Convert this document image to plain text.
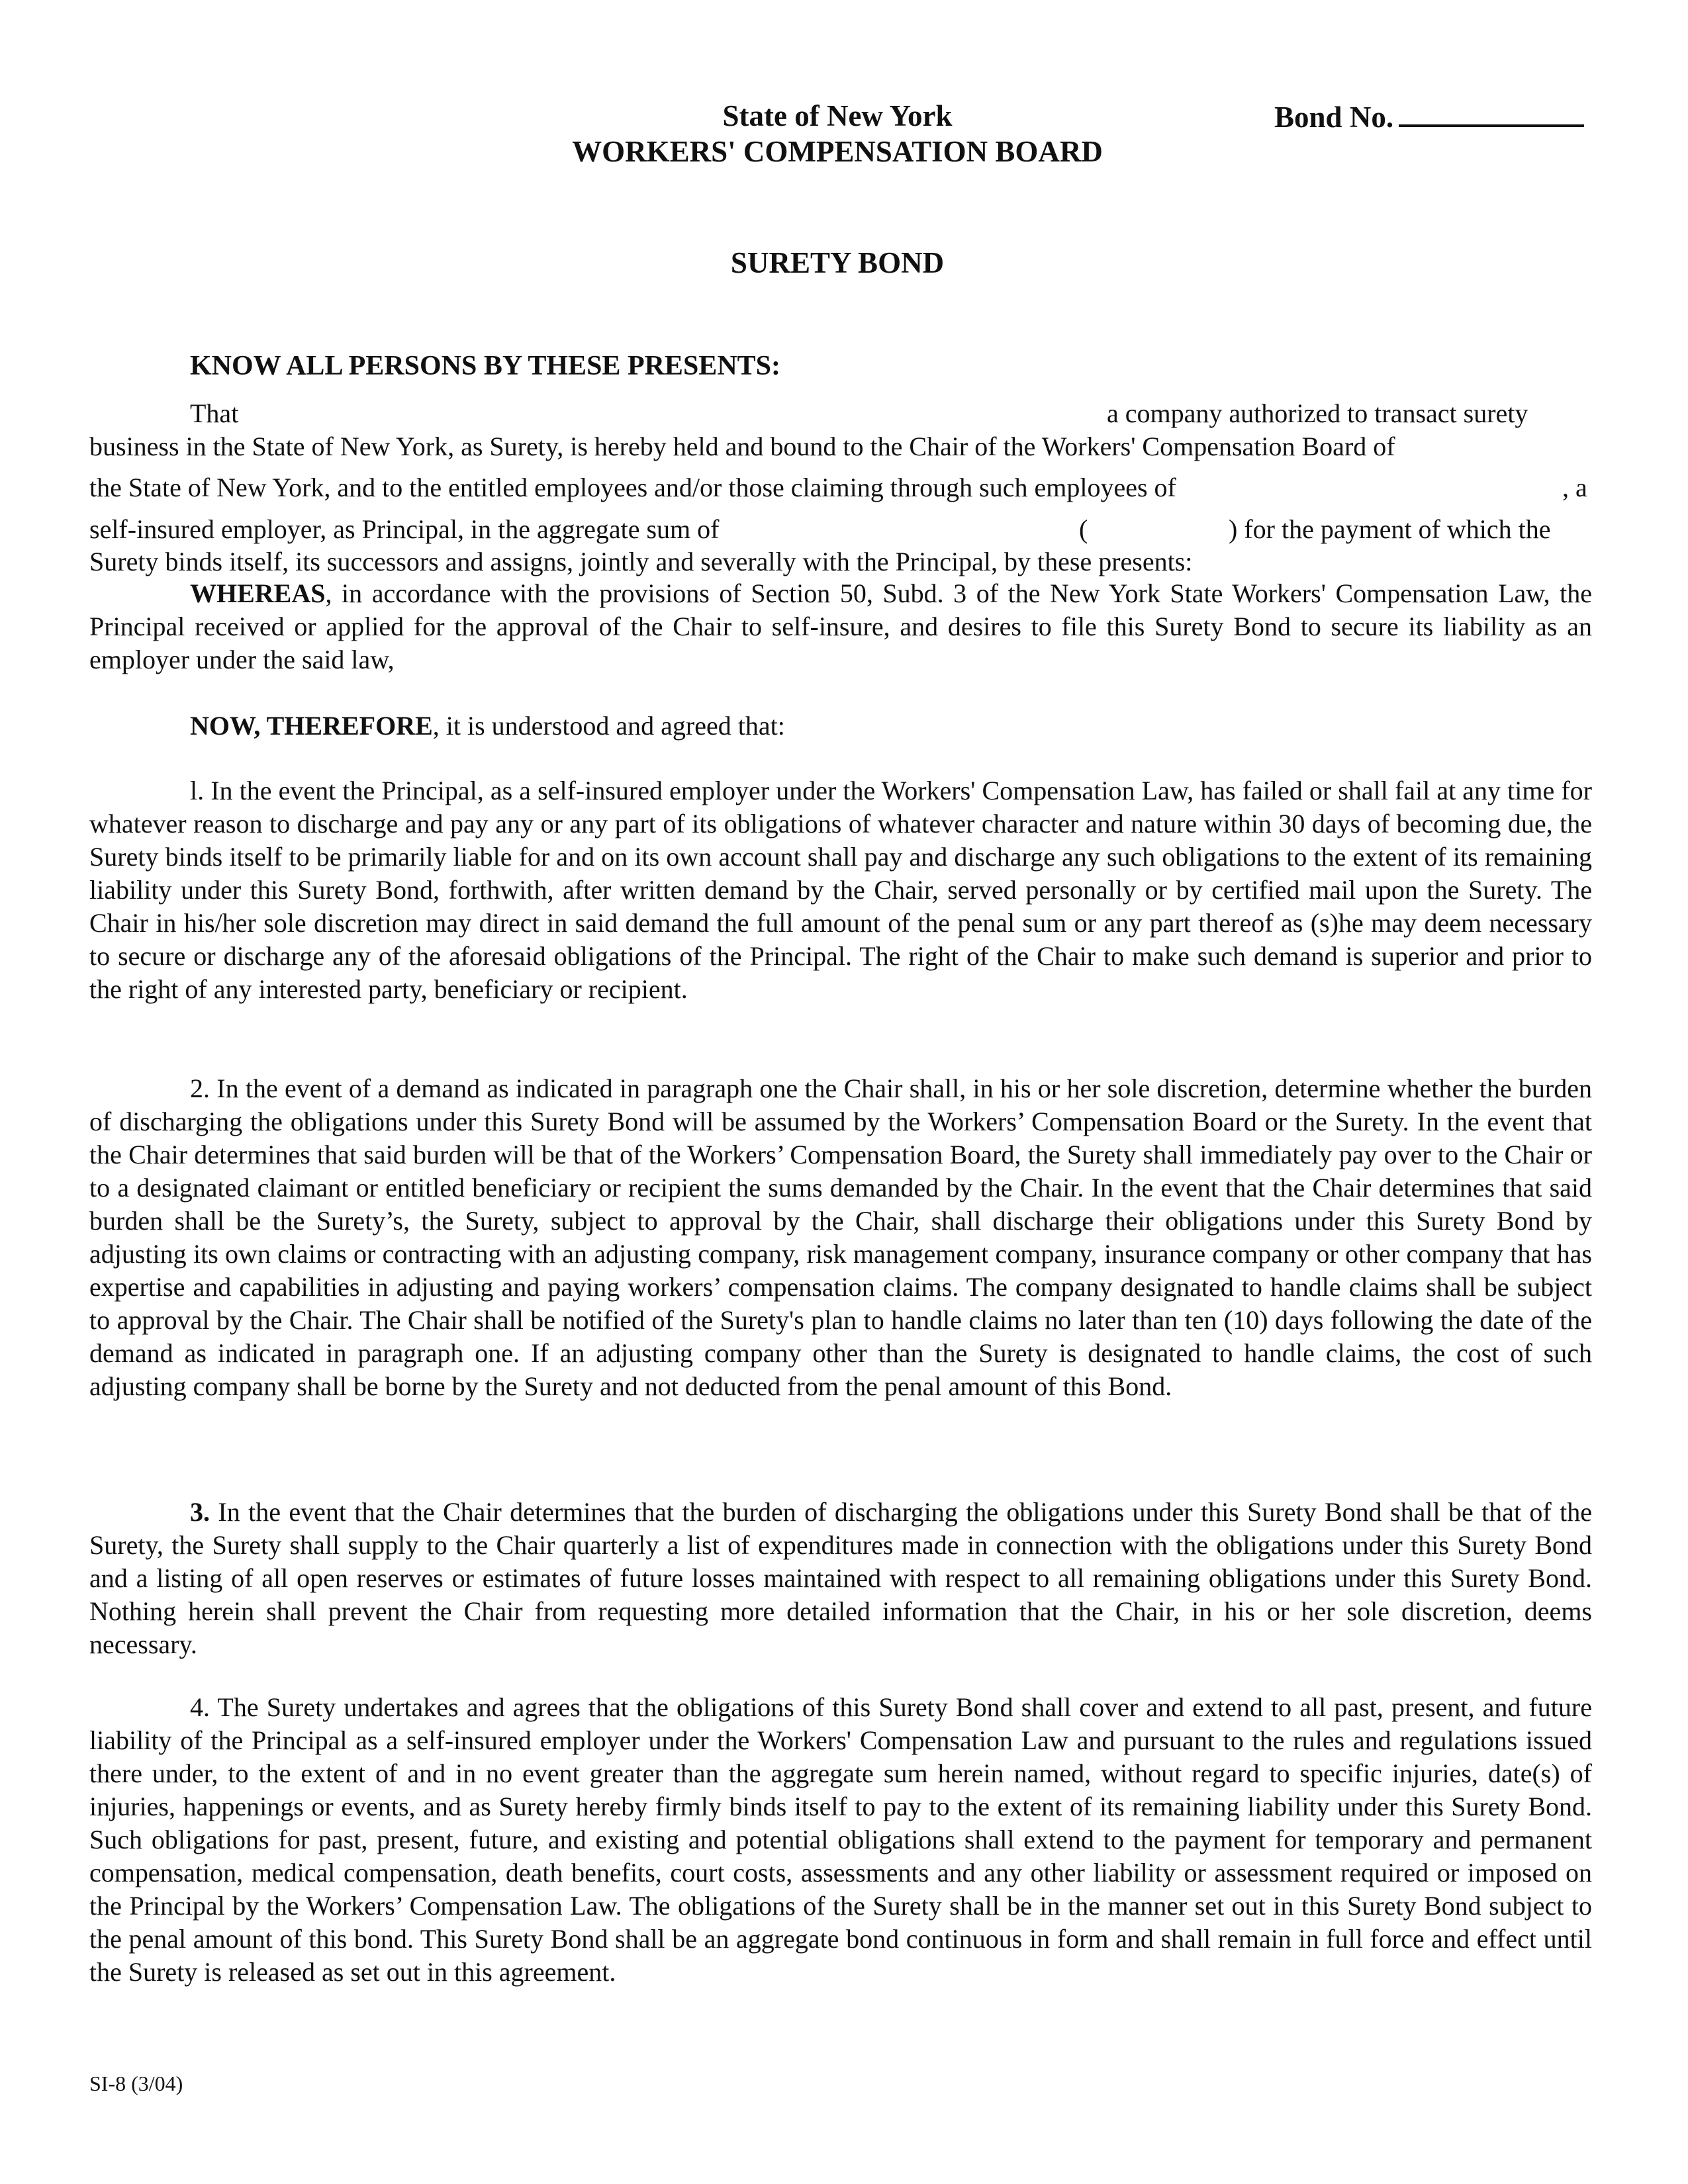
State of New York
WORKERS' COMPENSATION BOARD
Bond No.
SURETY BOND
KNOW ALL PERSONS BY THESE PRESENTS:
That	a company authorized to transact surety
business in the State of New York, as Surety, is hereby held and bound to the Chair of the Workers' Compensation Board of
the State of New York, and to the entitled employees and/or those claiming through such employees of	, a
self-insured employer, as Principal, in the aggregate sum of	(	) for the payment of which the
Surety binds itself, its successors and assigns, jointly and severally with the Principal, by these presents:
WHEREAS, in accordance with the provisions of Section 50, Subd. 3 of the New York State Workers' Compensation Law, the Principal received or applied for the approval of the Chair to self-insure, and desires to file this Surety Bond to secure its liability as an employer under the said law,
NOW, THEREFORE, it is understood and agreed that:
l. In the event the Principal, as a self-insured employer under the Workers' Compensation Law, has failed or shall fail at any time for whatever reason to discharge and pay any or any part of its obligations of whatever character and nature within 30 days of becoming due, the Surety binds itself to be primarily liable for and on its own account shall pay and discharge any such obligations to the extent of its remaining liability under this Surety Bond, forthwith, after written demand by the Chair, served personally or by certified mail upon the Surety. The Chair in his/her sole discretion may direct in said demand the full amount of the penal sum or any part thereof as (s)he may deem necessary to secure or discharge any of the aforesaid obligations of the Principal. The right of the Chair to make such demand is superior and prior to the right of any interested party, beneficiary or recipient.
2. In the event of a demand as indicated in paragraph one the Chair shall, in his or her sole discretion, determine whether the burden of discharging the obligations under this Surety Bond will be assumed by the Workers’ Compensation Board or the Surety. In the event that the Chair determines that said burden will be that of the Workers’ Compensation Board, the Surety shall immediately pay over to the Chair or to a designated claimant or entitled beneficiary or recipient the sums demanded by the Chair. In the event that the Chair determines that said burden shall be the Surety’s, the Surety, subject to approval by the Chair, shall discharge their obligations under this Surety Bond by adjusting its own claims or contracting with an adjusting company, risk management company, insurance company or other company that has expertise and capabilities in adjusting and paying workers’ compensation claims. The company designated to handle claims shall be subject to approval by the Chair. The Chair shall be notified of the Surety's plan to handle claims no later than ten (10) days following the date of the demand as indicated in paragraph one. If an adjusting company other than the Surety is designated to handle claims, the cost of such adjusting company shall be borne by the Surety and not deducted from the penal amount of this Bond.
3. In the event that the Chair determines that the burden of discharging the obligations under this Surety Bond shall be that of the Surety, the Surety shall supply to the Chair quarterly a list of expenditures made in connection with the obligations under this Surety Bond and a listing of all open reserves or estimates of future losses maintained with respect to all remaining obligations under this Surety Bond. Nothing herein shall prevent the Chair from requesting more detailed information that the Chair, in his or her sole discretion, deems necessary.
4. The Surety undertakes and agrees that the obligations of this Surety Bond shall cover and extend to all past, present, and future liability of the Principal as a self-insured employer under the Workers' Compensation Law and pursuant to the rules and regulations issued there under, to the extent of and in no event greater than the aggregate sum herein named, without regard to specific injuries, date(s) of injuries, happenings or events, and as Surety hereby firmly binds itself to pay to the extent of its remaining liability under this Surety Bond. Such obligations for past, present, future, and existing and potential obligations shall extend to the payment for temporary and permanent compensation, medical compensation, death benefits, court costs, assessments and any other liability or assessment required or imposed on the Principal by the Workers’ Compensation Law. The obligations of the Surety shall be in the manner set out in this Surety Bond subject to the penal amount of this bond. This Surety Bond shall be an aggregate bond continuous in form and shall remain in full force and effect until the Surety is released as set out in this agreement.
SI-8 (3/04)
